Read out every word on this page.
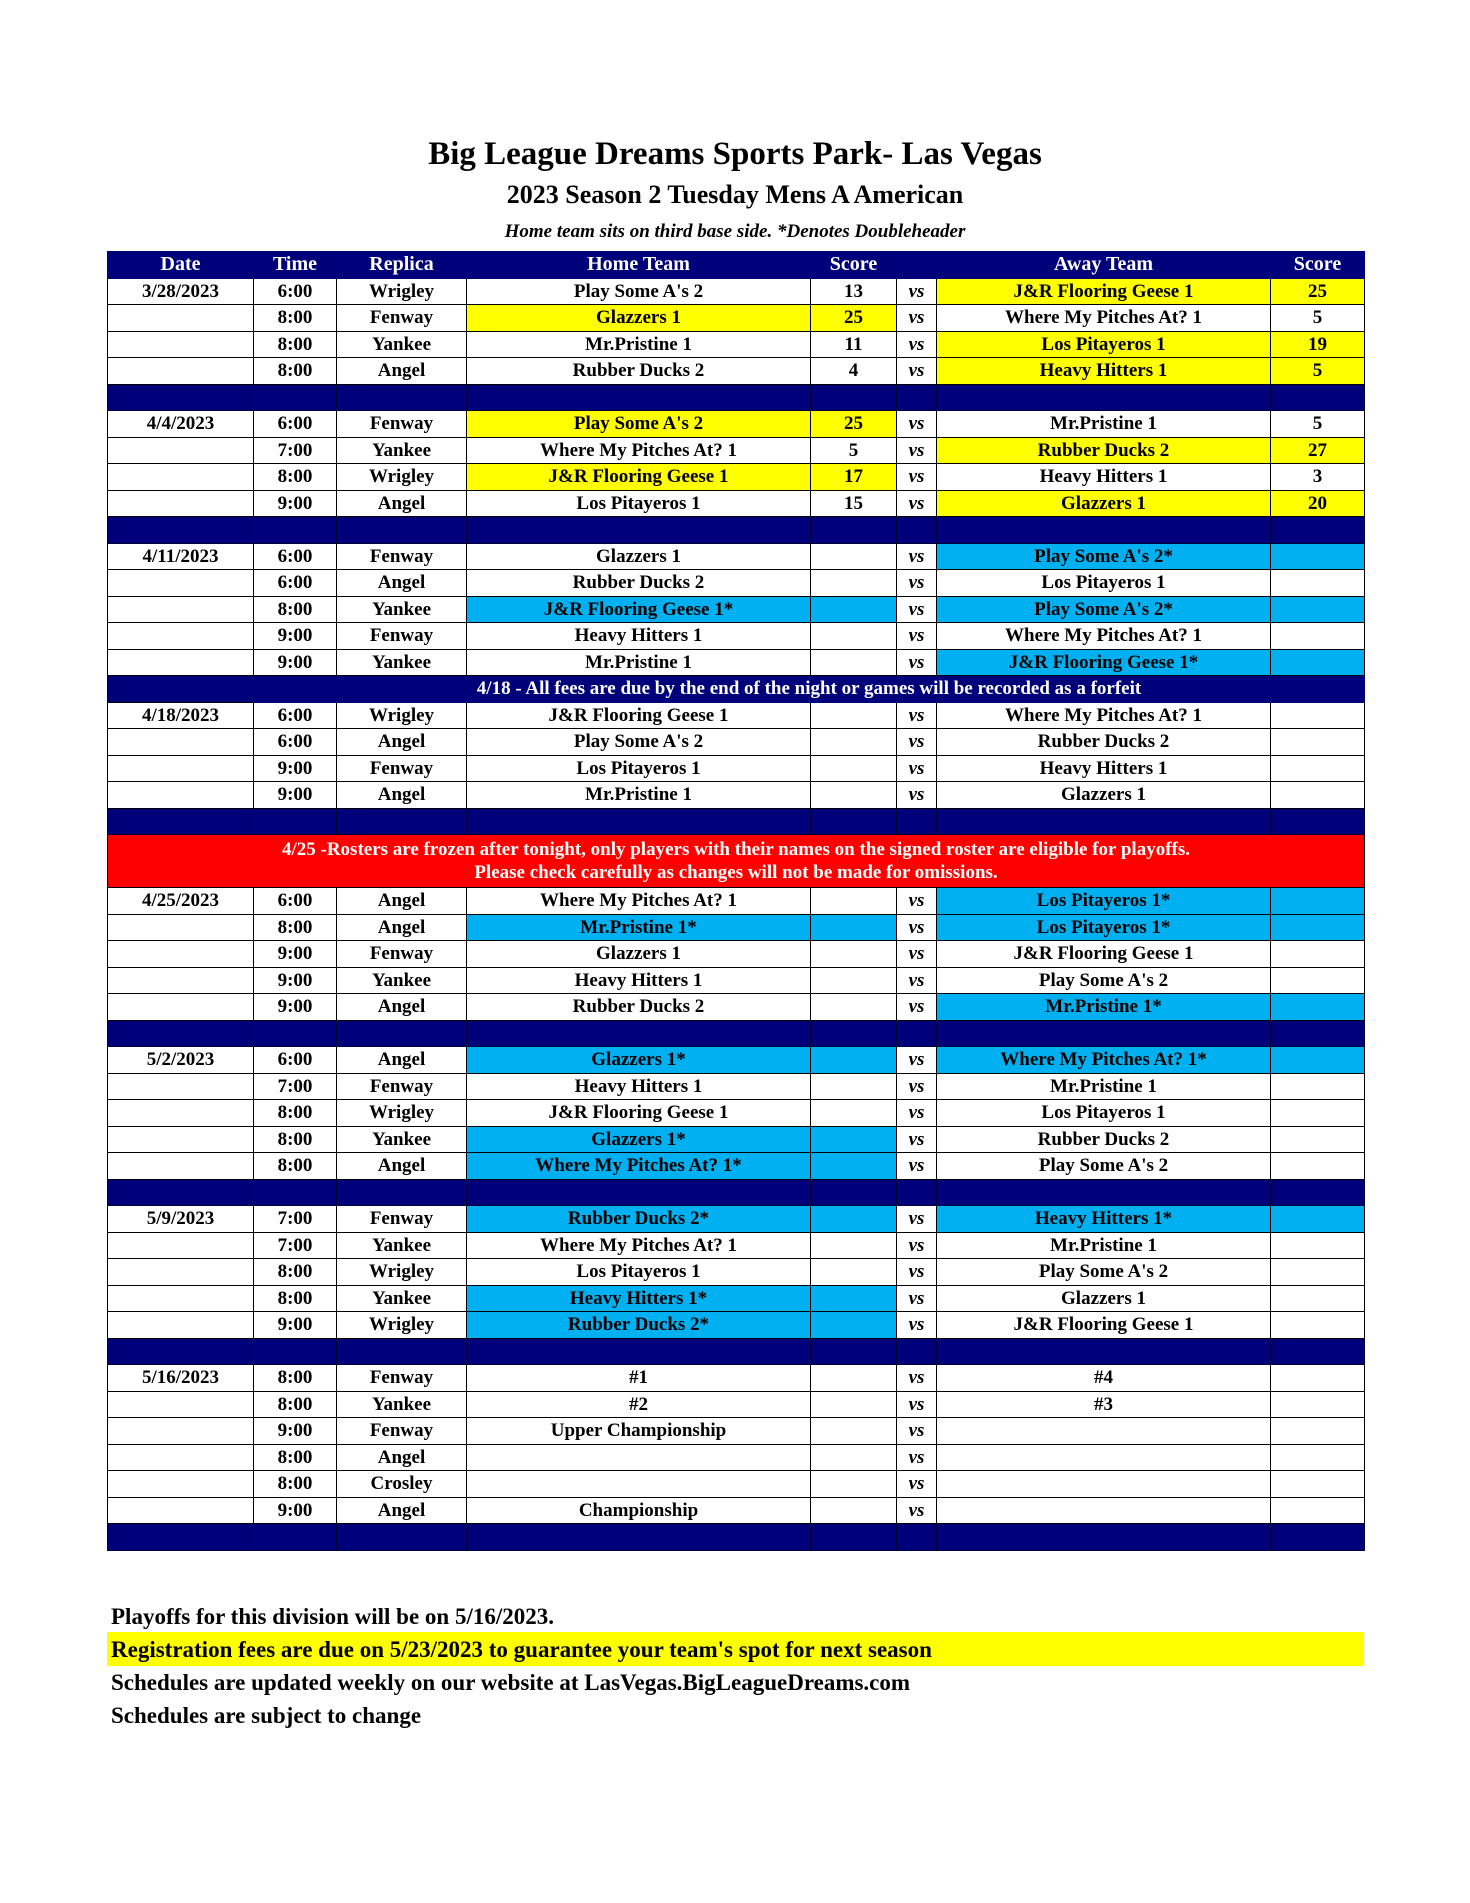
Big League Dreams Sports Park- Las Vegas
2023 Season 2 Tuesday Mens A American
Home team sits on third base side. *Denotes Doubleheader
Date	Time	Replica	Home Team	Score		Away Team	Score
3/28/2023	6:00	Wrigley	Play Some A's 2	13	vs	J&R Flooring Geese 1	25
	8:00	Fenway	Glazzers 1	25	vs	Where My Pitches At? 1	5
	8:00	Yankee	Mr.Pristine 1	11	vs	Los Pitayeros 1	19
	8:00	Angel	Rubber Ducks 2	4	vs	Heavy Hitters 1	5

4/4/2023	6:00	Fenway	Play Some A's 2	25	vs	Mr.Pristine 1	5
	7:00	Yankee	Where My Pitches At? 1	5	vs	Rubber Ducks 2	27
	8:00	Wrigley	J&R Flooring Geese 1	17	vs	Heavy Hitters 1	3
	9:00	Angel	Los Pitayeros 1	15	vs	Glazzers 1	20

4/11/2023	6:00	Fenway	Glazzers 1		vs	Play Some A's 2*	
	6:00	Angel	Rubber Ducks 2		vs	Los Pitayeros 1	
	8:00	Yankee	J&R Flooring Geese 1*		vs	Play Some A's 2*	
	9:00	Fenway	Heavy Hitters 1		vs	Where My Pitches At? 1	
	9:00	Yankee	Mr.Pristine 1		vs	J&R Flooring Geese 1*	
	4/18 - All fees are due by the end of the night or games will be recorded as a forfeit						
4/18/2023	6:00	Wrigley	J&R Flooring Geese 1		vs	Where My Pitches At? 1	
	6:00	Angel	Play Some A's 2		vs	Rubber Ducks 2	
	9:00	Fenway	Los Pitayeros 1		vs	Heavy Hitters 1	
	9:00	Angel	Mr.Pristine 1		vs	Glazzers 1	

4/25 -Rosters are frozen after tonight, only players with their names on the signed roster are eligible for playoffs.
Please check carefully as changes will not be made for omissions.							

4/25/2023	6:00	Angel	Where My Pitches At? 1		vs	Los Pitayeros 1*	
	8:00	Angel	Mr.Pristine 1*		vs	Los Pitayeros 1*	
	9:00	Fenway	Glazzers 1		vs	J&R Flooring Geese 1	
	9:00	Yankee	Heavy Hitters 1		vs	Play Some A's 2	
	9:00	Angel	Rubber Ducks 2		vs	Mr.Pristine 1*	

5/2/2023	6:00	Angel	Glazzers 1*		vs	Where My Pitches At? 1*	
	7:00	Fenway	Heavy Hitters 1		vs	Mr.Pristine 1	
	8:00	Wrigley	J&R Flooring Geese 1		vs	Los Pitayeros 1	
	8:00	Yankee	Glazzers 1*		vs	Rubber Ducks 2	
	8:00	Angel	Where My Pitches At? 1*		vs	Play Some A's 2	

5/9/2023	7:00	Fenway	Rubber Ducks 2*		vs	Heavy Hitters 1*	
	7:00	Yankee	Where My Pitches At? 1		vs	Mr.Pristine 1	
	8:00	Wrigley	Los Pitayeros 1		vs	Play Some A's 2	
	8:00	Yankee	Heavy Hitters 1*		vs	Glazzers 1	
	9:00	Wrigley	Rubber Ducks 2*		vs	J&R Flooring Geese 1	

5/16/2023	8:00	Fenway	#1		vs	#4	
	8:00	Yankee	#2		vs	#3	
	9:00	Fenway	Upper Championship		vs		
	8:00	Angel			vs		
	8:00	Crosley			vs		
	9:00	Angel	Championship		vs		

Playoffs for this division will be on 5/16/2023.
Registration fees are due on 5/23/2023 to guarantee your team's spot for next season
Schedules are updated weekly on our website at LasVegas.BigLeagueDreams.com
Schedules are subject to change
